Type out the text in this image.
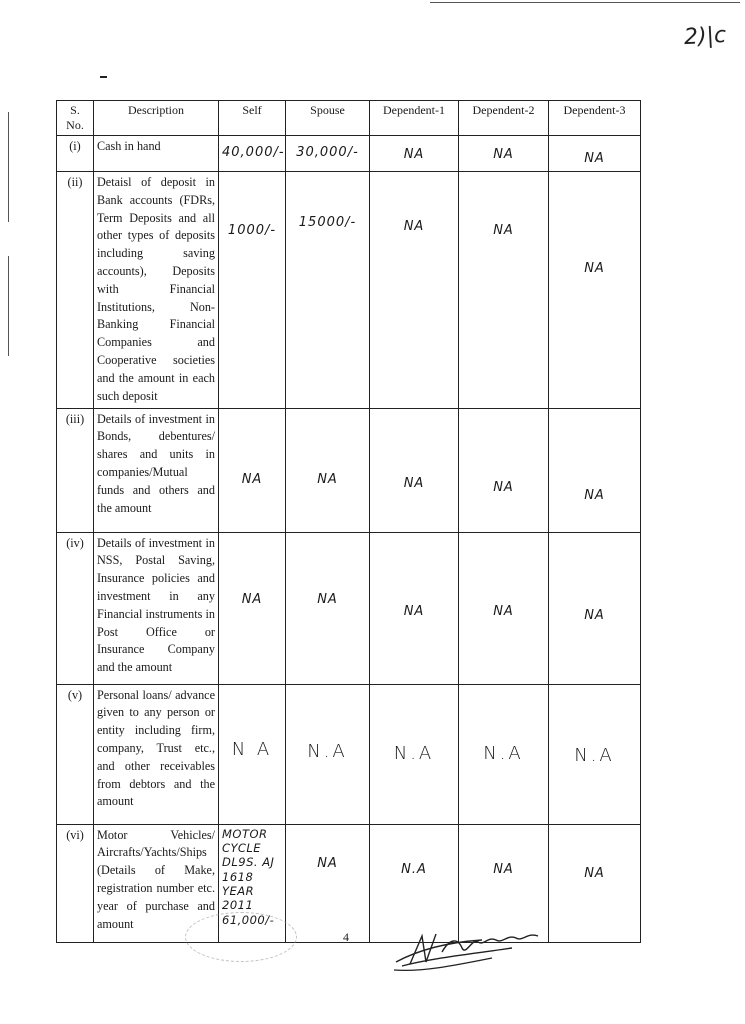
2)|c
S. No.	Description	Self	Spouse	Dependent-1	Dependent-2	Dependent-3
(i)	Cash in hand	40,000/-	30,000/-	NA	NA	NA
(ii)	Detaisl of deposit in Bank accounts (FDRs, Term Deposits and all other types of deposits including saving accounts), Deposits with Financial Institutions, Non-Banking Financial Companies and Cooperative societies and the amount in each such deposit	1000/-	15000/-	NA	NA	NA
(iii)	Details of investment in Bonds, debentures/ shares and units in companies/Mutual funds and others and the amount	NA	NA	NA	NA	NA
(iv)	Details of investment in NSS, Postal Saving, Insurance policies and investment in any Financial instruments in Post Office or Insurance Company and the amount	NA	NA	NA	NA	NA
(v)	Personal loans/ advance given to any person or entity including firm, company, Trust etc., and other receivables from debtors and the amount	N A	N.A	N.A	N.A	N.A
(vi)	Motor Vehicles/ Aircrafts/Yachts/Ships (Details of Make, registration number etc. year of purchase and amount	MOTOR CYCLE DL9S. AJ 1618 YEAR 2011 61,000/-	NA	N.A	NA	NA
4
